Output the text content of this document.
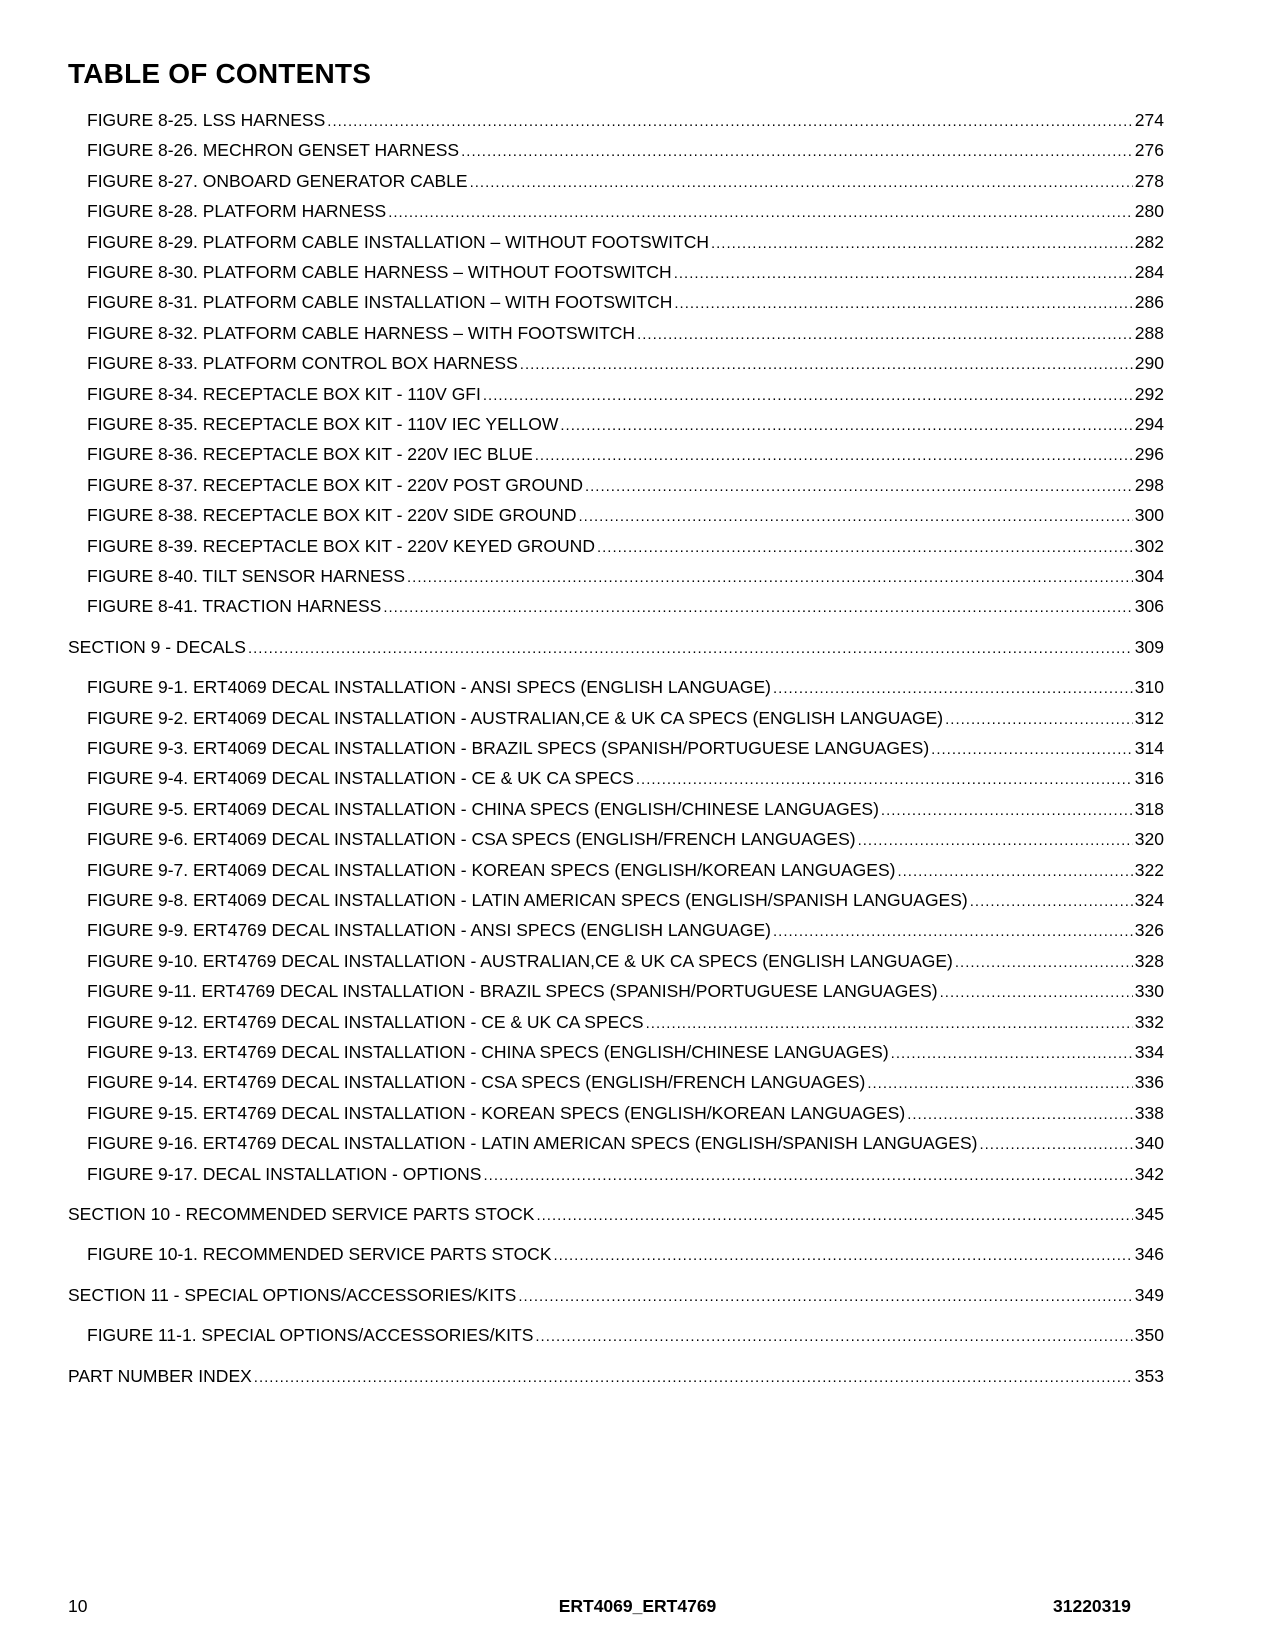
TABLE OF CONTENTS
FIGURE 8-25. LSS HARNESS .....	274
FIGURE 8-26. MECHRON GENSET HARNESS .....	276
FIGURE 8-27. ONBOARD GENERATOR CABLE .....	278
FIGURE 8-28. PLATFORM HARNESS .....	280
FIGURE 8-29. PLATFORM CABLE INSTALLATION – WITHOUT FOOTSWITCH .....	282
FIGURE 8-30. PLATFORM CABLE HARNESS – WITHOUT FOOTSWITCH .....	284
FIGURE 8-31. PLATFORM CABLE INSTALLATION – WITH FOOTSWITCH .....	286
FIGURE 8-32. PLATFORM CABLE HARNESS – WITH FOOTSWITCH .....	288
FIGURE 8-33. PLATFORM CONTROL BOX HARNESS .....	290
FIGURE 8-34. RECEPTACLE BOX KIT - 110V GFI .....	292
FIGURE 8-35. RECEPTACLE BOX KIT - 110V IEC YELLOW .....	294
FIGURE 8-36. RECEPTACLE BOX KIT - 220V IEC BLUE .....	296
FIGURE 8-37. RECEPTACLE BOX KIT - 220V POST GROUND .....	298
FIGURE 8-38. RECEPTACLE BOX KIT - 220V SIDE GROUND .....	300
FIGURE 8-39. RECEPTACLE BOX KIT - 220V KEYED GROUND .....	302
FIGURE 8-40. TILT SENSOR HARNESS .....	304
FIGURE 8-41. TRACTION HARNESS .....	306
SECTION 9 - DECALS .....	309
FIGURE 9-1. ERT4069 DECAL INSTALLATION - ANSI SPECS (ENGLISH LANGUAGE) .....	310
FIGURE 9-2. ERT4069 DECAL INSTALLATION - AUSTRALIAN,CE & UK CA SPECS (ENGLISH LANGUAGE) .....	312
FIGURE 9-3. ERT4069 DECAL INSTALLATION - BRAZIL SPECS (SPANISH/PORTUGUESE LANGUAGES) .....	314
FIGURE 9-4. ERT4069 DECAL INSTALLATION - CE & UK CA SPECS .....	316
FIGURE 9-5. ERT4069 DECAL INSTALLATION - CHINA SPECS (ENGLISH/CHINESE LANGUAGES) .....	318
FIGURE 9-6. ERT4069 DECAL INSTALLATION - CSA SPECS (ENGLISH/FRENCH LANGUAGES) .....	320
FIGURE 9-7. ERT4069 DECAL INSTALLATION - KOREAN SPECS (ENGLISH/KOREAN LANGUAGES) .....	322
FIGURE 9-8. ERT4069 DECAL INSTALLATION - LATIN AMERICAN SPECS (ENGLISH/SPANISH LANGUAGES) .....	324
FIGURE 9-9. ERT4769 DECAL INSTALLATION - ANSI SPECS (ENGLISH LANGUAGE) .....	326
FIGURE 9-10. ERT4769 DECAL INSTALLATION - AUSTRALIAN,CE & UK CA SPECS (ENGLISH LANGUAGE) .....	328
FIGURE 9-11. ERT4769 DECAL INSTALLATION - BRAZIL SPECS (SPANISH/PORTUGUESE LANGUAGES) .....	330
FIGURE 9-12. ERT4769 DECAL INSTALLATION - CE & UK CA SPECS .....	332
FIGURE 9-13. ERT4769 DECAL INSTALLATION - CHINA SPECS (ENGLISH/CHINESE LANGUAGES) .....	334
FIGURE 9-14. ERT4769 DECAL INSTALLATION - CSA SPECS (ENGLISH/FRENCH LANGUAGES) .....	336
FIGURE 9-15. ERT4769 DECAL INSTALLATION - KOREAN SPECS (ENGLISH/KOREAN LANGUAGES) .....	338
FIGURE 9-16. ERT4769 DECAL INSTALLATION - LATIN AMERICAN SPECS (ENGLISH/SPANISH LANGUAGES) .....	340
FIGURE 9-17. DECAL INSTALLATION - OPTIONS .....	342
SECTION 10 - RECOMMENDED SERVICE PARTS STOCK .....	345
FIGURE 10-1. RECOMMENDED SERVICE PARTS STOCK .....	346
SECTION 11 - SPECIAL OPTIONS/ACCESSORIES/KITS .....	349
FIGURE 11-1. SPECIAL OPTIONS/ACCESSORIES/KITS .....	350
PART NUMBER INDEX .....	353
10	ERT4069_ERT4769	31220319
